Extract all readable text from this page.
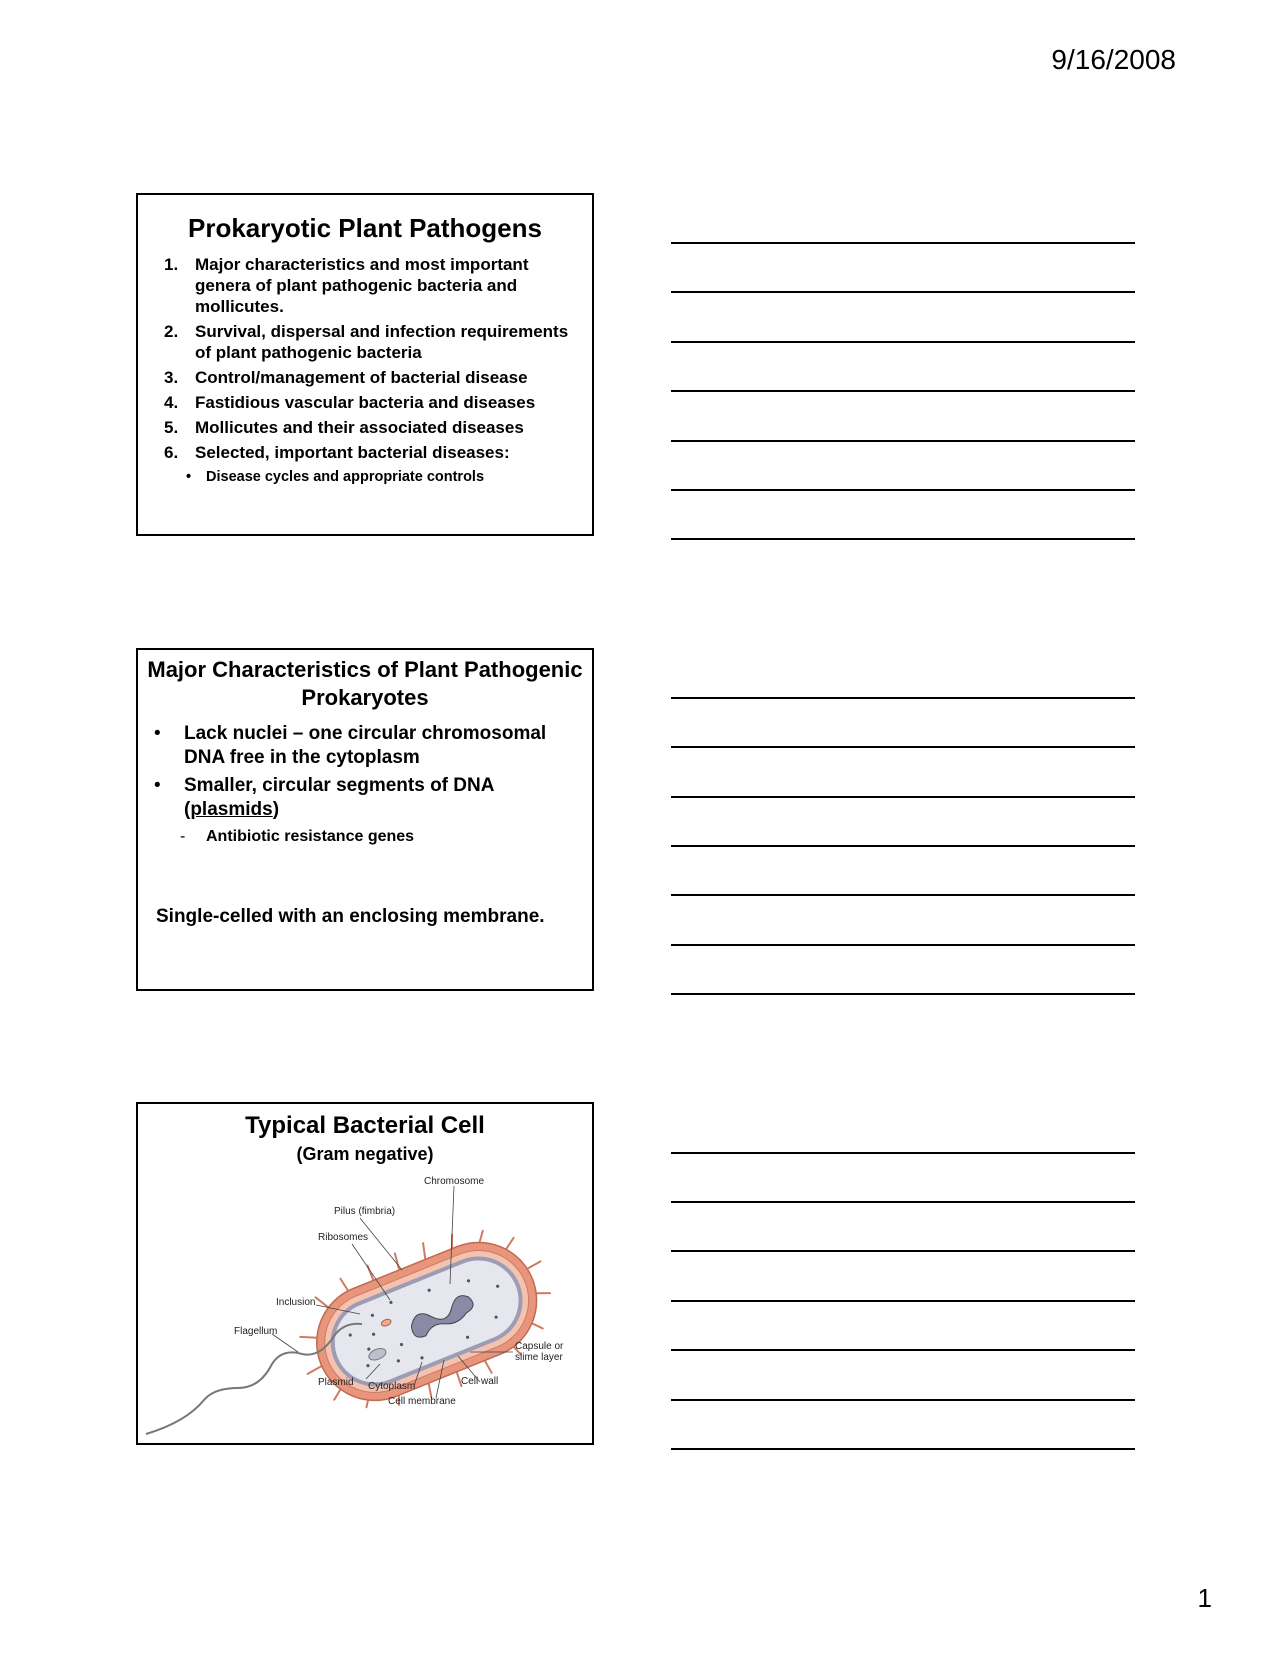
9/16/2008
Prokaryotic Plant Pathogens
1. Major characteristics and most important genera of plant pathogenic bacteria and mollicutes.
2. Survival, dispersal and infection requirements of plant pathogenic bacteria
3. Control/management of bacterial disease
4. Fastidious vascular bacteria and diseases
5. Mollicutes and their associated diseases
6. Selected, important bacterial diseases:
•	Disease cycles and appropriate controls
Major Characteristics of Plant Pathogenic Prokaryotes
•	Lack nuclei – one circular chromosomal DNA free in the cytoplasm
•	Smaller, circular segments of DNA (plasmids)
-	Antibiotic resistance genes
Single-celled with an enclosing membrane.
Typical Bacterial Cell
(Gram negative)
Chromosome
Pilus (fimbria)
Ribosomes
Inclusion
Flagellum
Capsule or
slime layer
Plasmid Cytoplasm	Cell wall
Cell membrane
1
